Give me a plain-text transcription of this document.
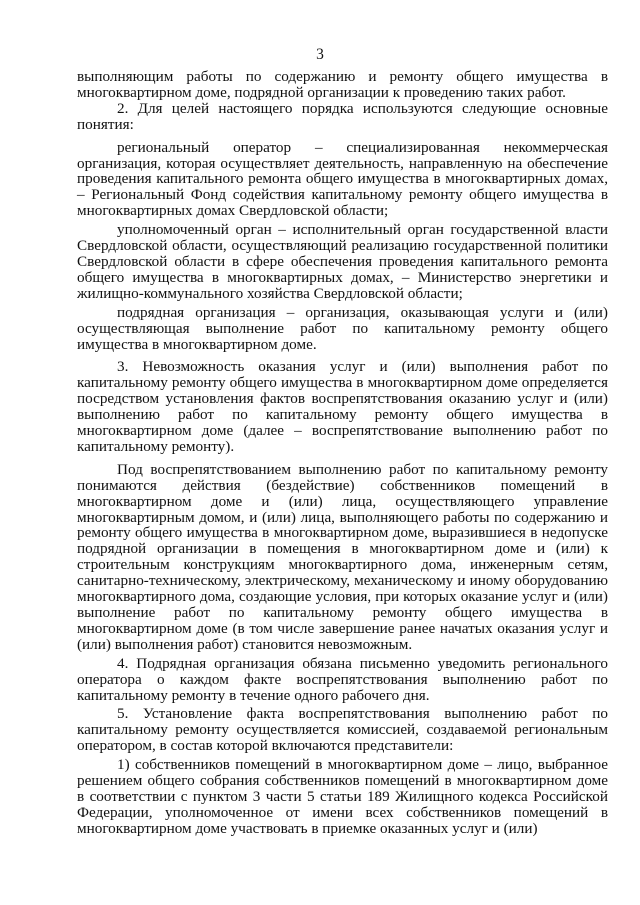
3

выполняющим работы по содержанию и ремонту общего имущества в многоквартирном доме, подрядной организации к проведению таких работ.

2. Для целей настоящего порядка используются следующие основные понятия:

региональный оператор – специализированная некоммерческая организация, которая осуществляет деятельность, направленную на обеспечение проведения капитального ремонта общего имущества в многоквартирных домах, – Региональный Фонд содействия капитальному ремонту общего имущества в многоквартирных домах Свердловской области;

уполномоченный орган – исполнительный орган государственной власти Свердловской области, осуществляющий реализацию государственной политики Свердловской области в сфере обеспечения проведения капитального ремонта общего имущества в многоквартирных домах, – Министерство энергетики и жилищно-коммунального хозяйства Свердловской области;

подрядная организация – организация, оказывающая услуги и (или) осуществляющая выполнение работ по капитальному ремонту общего имущества в многоквартирном доме.

3. Невозможность оказания услуг и (или) выполнения работ по капитальному ремонту общего имущества в многоквартирном доме определяется посредством установления фактов воспрепятствования оказанию услуг и (или) выполнению работ по капитальному ремонту общего имущества в многоквартирном доме (далее – воспрепятствование выполнению работ по капитальному ремонту).

Под воспрепятствованием выполнению работ по капитальному ремонту понимаются действия (бездействие) собственников помещений в многоквартирном доме и (или) лица, осуществляющего управление многоквартирным домом, и (или) лица, выполняющего работы по содержанию и ремонту общего имущества в многоквартирном доме, выразившиеся в недопуске подрядной организации в помещения в многоквартирном доме и (или) к строительным конструкциям многоквартирного дома, инженерным сетям, санитарно-техническому, электрическому, механическому и иному оборудованию многоквартирного дома, создающие условия, при которых оказание услуг и (или) выполнение работ по капитальному ремонту общего имущества в многоквартирном доме (в том числе завершение ранее начатых оказания услуг и (или) выполнения работ) становится невозможным.

4. Подрядная организация обязана письменно уведомить регионального оператора о каждом факте воспрепятствования выполнению работ по капитальному ремонту в течение одного рабочего дня.

5. Установление факта воспрепятствования выполнению работ по капитальному ремонту осуществляется комиссией, создаваемой региональным оператором, в состав которой включаются представители:

1) собственников помещений в многоквартирном доме – лицо, выбранное решением общего собрания собственников помещений в многоквартирном доме в соответствии с пунктом 3 части 5 статьи 189 Жилищного кодекса Российской Федерации, уполномоченное от имени всех собственников помещений в многоквартирном доме участвовать в приемке оказанных услуг и (или)
